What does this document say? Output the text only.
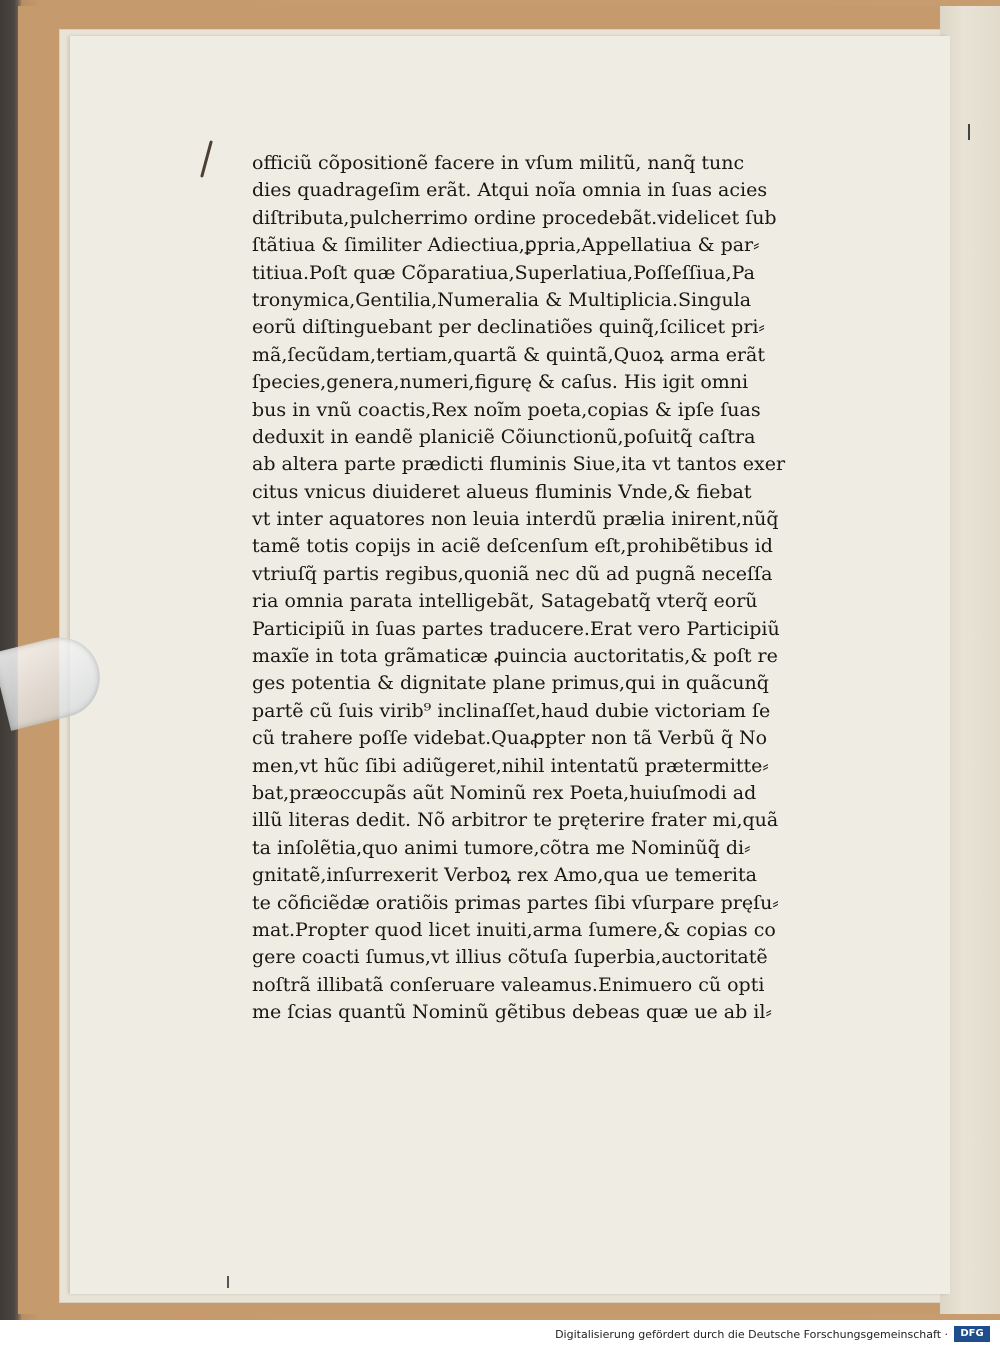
officiũ cõpositionẽ facere in vſum militũ, nanq̃ tunc
dies quadrageſim erãt. Atqui noĩa omnia in ſuas acies
diſtributa,pulcherrimo ordine procedebãt.videlicet ſub
ſtãtiua & ſimiliter Adiectiua,ꝑpria,Appellatiua & par⸗
titiua.Poſt quæ Cõparatiua,Superlatiua,Poſſeſſiua,Pa
tronymica,Gentilia,Numeralia & Multiplicia.Singula
eorũ diſtinguebant per declinatiões quinq̃,ſcilicet pri⸗
mã,ſecũdam,tertiam,quartã & quintã,Quoꝝ arma erãt
ſpecies,genera,numeri,figurę & caſus. His igit omni
bus in vnũ coactis,Rex noĩm poeta,copias & ipſe ſuas
deduxit in eandẽ planiciẽ Cõiunctionũ,poſuitq̃ caſtra
ab altera parte prædicti fluminis Siue,ita vt tantos exer
citus vnicus diuideret alueus fluminis Vnde,& fiebat
vt inter aquatores non leuia interdũ prælia inirent,nũq̃
tamẽ totis copijs in aciẽ deſcenſum eſt,prohibẽtibus id
vtriuſq̃ partis regibus,quoniã nec dũ ad pugnã neceſſa
ria omnia parata intelligebãt, Satagebatq̃ vterq̃ eorũ
Participiũ in ſuas partes traducere.Erat vero Participiũ
maxĩe in tota grãmaticæ ꝓuincia auctoritatis,& poſt re
ges potentia & dignitate plane primus,qui in quãcunq̃
partẽ cũ ſuis virib⁹ inclinaſſet,haud dubie victoriam ſe
cũ trahere poſſe videbat.Quaꝓpter non tã Verbũ q̃ No
men,vt hũc ſibi adiũgeret,nihil intentatũ prætermitte⸗
bat,præoccupãs aũt Nominũ rex Poeta,huiuſmodi ad
illũ literas dedit. Nõ arbitror te pręterire frater mi,quã
ta inſolẽtia,quo animi tumore,cõtra me Nominũq̃ di⸗
gnitatẽ,inſurrexerit Verboꝝ rex Amo,qua ue temerita
te cõficiẽdæ oratiõis primas partes ſibi vſurpare pręſu⸗
mat.Propter quod licet inuiti,arma ſumere,& copias co
gere coacti ſumus,vt illius cõtuſa ſuperbia,auctoritatẽ
noſtrã illibatã conſeruare valeamus.Enimuero cũ opti
me ſcias quantũ Nominũ gẽtibus debeas quæ ue ab il⸗
Digitalisierung gefördert durch die Deutsche Forschungsgemeinschaft ·	DFG
